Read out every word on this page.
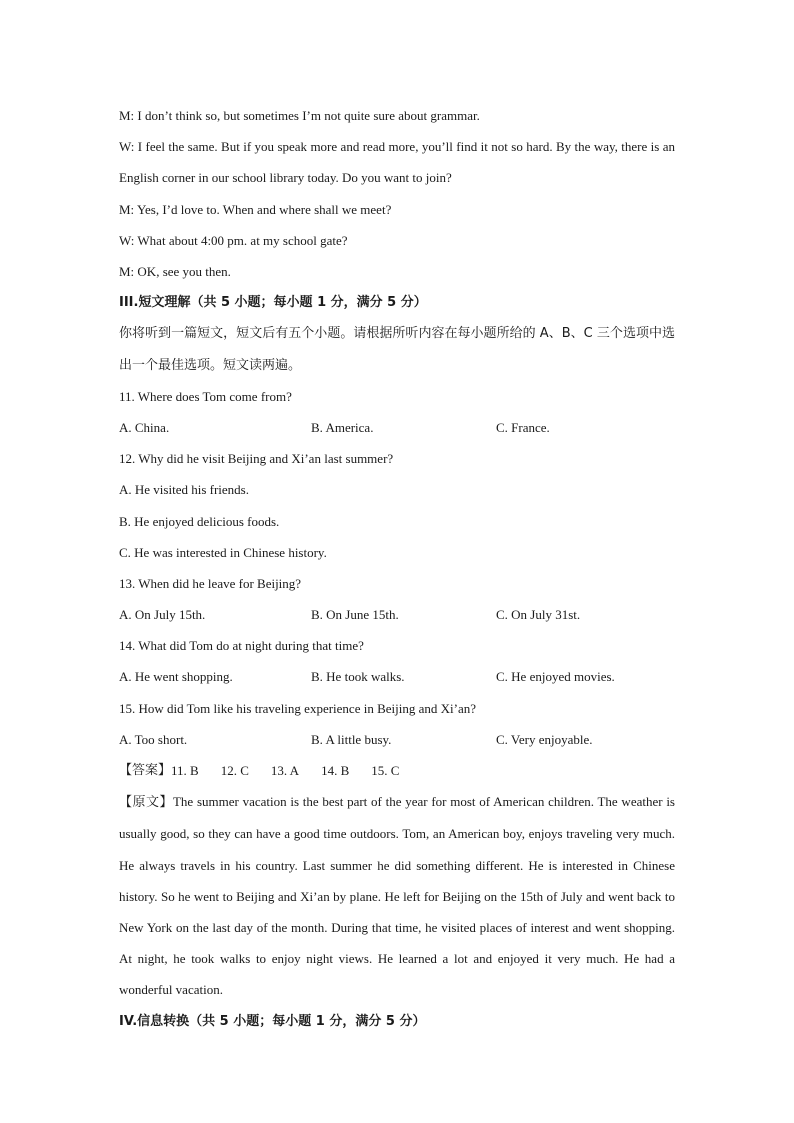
M: I don’t think so, but sometimes I’m not quite sure about grammar.
W: I feel the same. But if you speak more and read more, you’ll find it not so hard. By the way, there is an English corner in our school library today. Do you want to join?
M: Yes, I’d love to. When and where shall we meet?
W: What about 4:00 pm. at my school gate?
M: OK, see you then.
III.短文理解（共 5 小题；每小题 1 分，满分 5 分）
你将听到一篇短文，短文后有五个小题。请根据所听内容在每小题所给的 A、B、C 三个选项中选出一个最佳选项。短文读两遍。
11. Where does Tom come from?
A. China.	B. America.	C. France.
12. Why did he visit Beijing and Xi’an last summer?
A. He visited his friends.
B. He enjoyed delicious foods.
C. He was interested in Chinese history.
13. When did he leave for Beijing?
A. On July 15th.	B. On June 15th.	C. On July 31st.
14. What did Tom do at night during that time?
A. He went shopping.	B. He took walks.	C. He enjoyed movies.
15. How did Tom like his traveling experience in Beijing and Xi’an?
A. Too short.	B. A little busy.	C. Very enjoyable.
【答案】 11. B 12. C 13. A 14. B 15. C
【原文】The summer vacation is the best part of the year for most of American children. The weather is usually good, so they can have a good time outdoors. Tom, an American boy, enjoys traveling very much. He always travels in his country. Last summer he did something different. He is interested in Chinese history. So he went to Beijing and Xi’an by plane. He left for Beijing on the 15th of July and went back to New York on the last day of the month. During that time, he visited places of interest and went shopping. At night, he took walks to enjoy night views. He learned a lot and enjoyed it very much. He had a wonderful vacation.
IV.信息转换（共 5 小题；每小题 1 分，满分 5 分）
